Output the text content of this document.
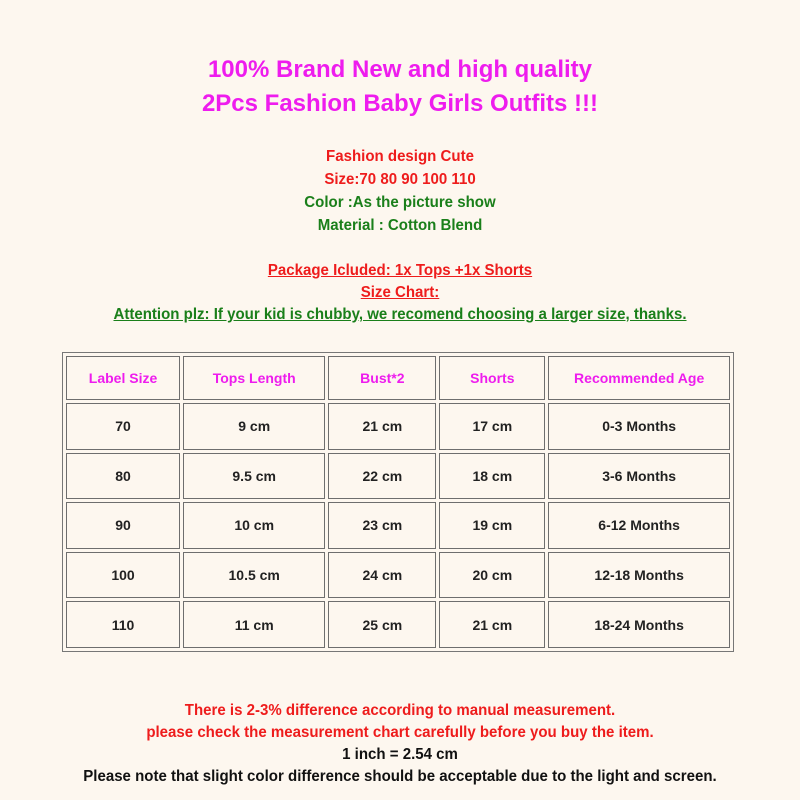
100% Brand New and high quality
2Pcs Fashion Baby Girls Outfits !!!
Fashion design Cute
Size:70 80 90 100 110
Color :As the picture show
Material : Cotton Blend
Package Icluded: 1x Tops +1x Shorts
Size Chart:
Attention plz: If your kid is chubby, we recomend choosing a larger size, thanks.
Label Size	Tops Length	Bust*2	Shorts	Recommended Age
70	9 cm	21 cm	17 cm	0-3 Months
80	9.5 cm	22 cm	18 cm	3-6 Months
90	10 cm	23 cm	19 cm	6-12 Months
100	10.5 cm	24 cm	20 cm	12-18 Months
110	11 cm	25 cm	21 cm	18-24 Months
There is 2-3% difference according to manual measurement.
please check the measurement chart carefully before you buy the item.
1 inch = 2.54 cm
Please note that slight color difference should be acceptable due to the light and screen.
